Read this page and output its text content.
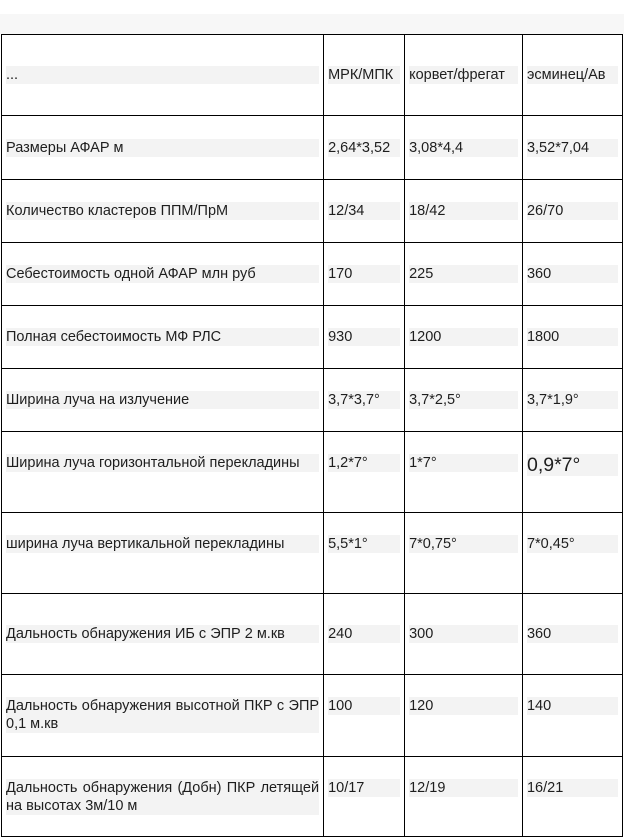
...	МРК/МПК	корвет/фрегат	эсминец/Ав

Размеры АФАР м	2,64*3,52	3,08*4,4	3,52*7,04

Количество кластеров ППМ/ПрМ	12/34	18/42	26/70

Себестоимость одной АФАР млн руб	170	225	360

Полная себестоимость МФ РЛС	930	1200	1800

Ширина луча на излучение	3,7*3,7°	3,7*2,5°	3,7*1,9°

Ширина луча горизонтальной перекладины	1,2*7°	1*7°	0,9*7°

ширина луча вертикальной перекладины	5,5*1°	7*0,75°	7*0,45°

Дальность обнаружения ИБ с ЭПР 2 м.кв	240	300	360

Дальность обнаружения высотной ПКР с ЭПР 0,1 м.кв	100	120	140

Дальность обнаружения (Добн) ПКР летящей на высотах 3м/10 м	10/17	12/19	16/21
